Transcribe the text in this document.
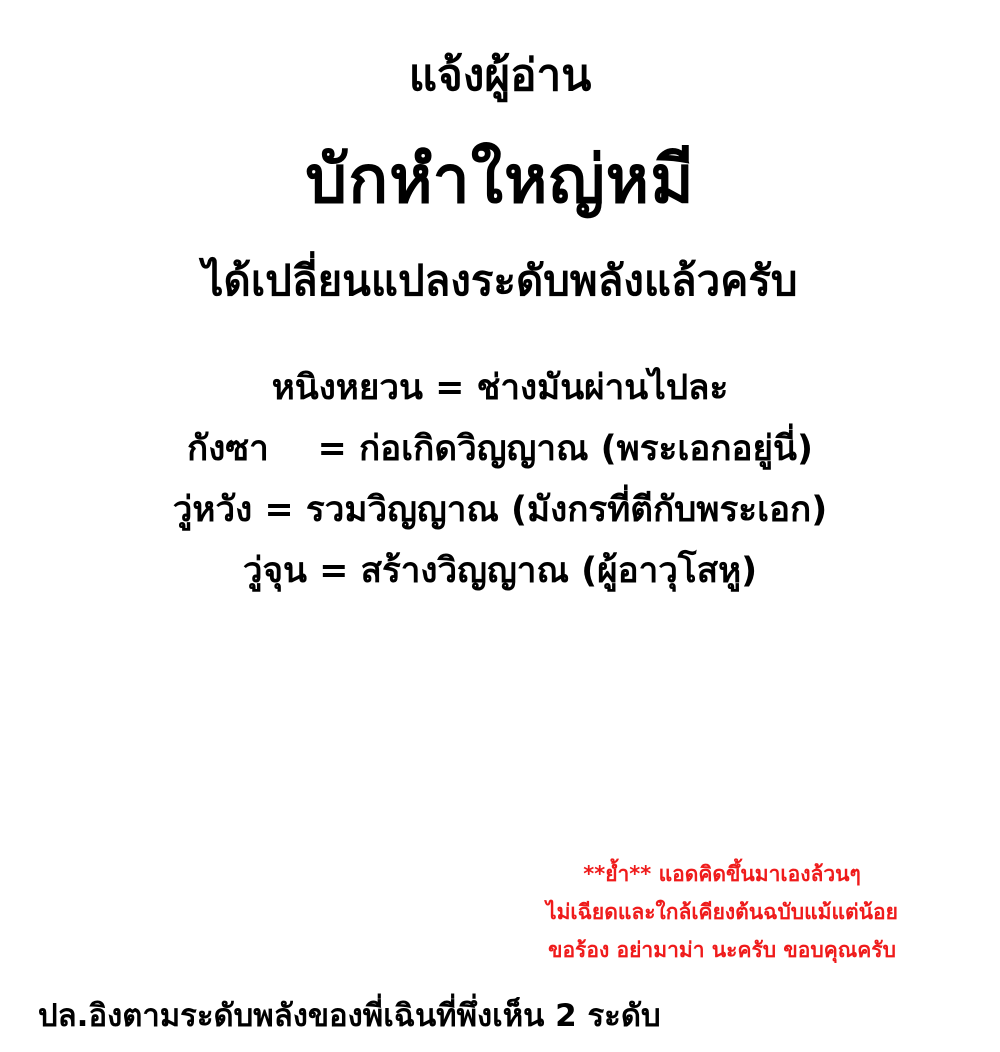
แจ้งผู้อ่าน
บักหำใหญ่หมี
ได้เปลี่ยนแปลงระดับพลังแล้วครับ
หนิงหยวน = ช่างมันผ่านไปละ
กังซา    = ก่อเกิดวิญญาณ (พระเอกอยู่นี่)
วู่หวัง = รวมวิญญาณ (มังกรที่ตีกับพระเอก)
วู่จุน = สร้างวิญญาณ (ผู้อาวุโสหู)
**ย้ำ** แอดคิดขึ้นมาเองล้วนๆ
ไม่เฉียดและใกล้เคียงต้นฉบับแม้แต่น้อย
ขอร้อง อย่ามาม่า นะครับ ขอบคุณครับ
ปล.อิงตามระดับพลังของพี่เฉินที่พึ่งเห็น 2 ระดับ
